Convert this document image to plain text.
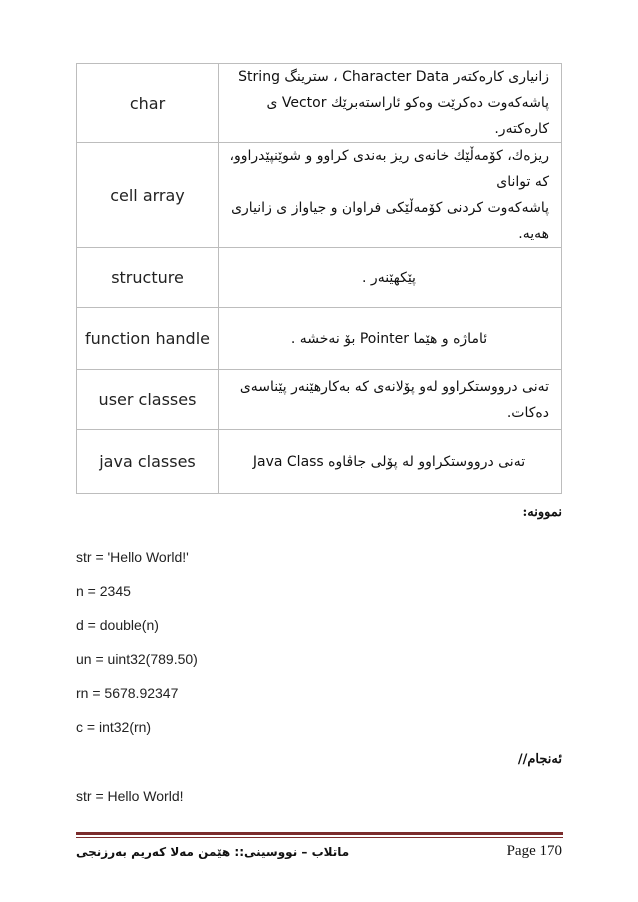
char	زانیاری کارەکتەر Character Data ، سترینگ String
پاشەکەوت دەکرێت وەکو ئاراستەبرێك Vector ی کارەکتەر.

cell array	ریزەك، کۆمەڵێك خانەی ریز بەندی کراوو و شوێنپێدراوو، کە توانای
پاشەکەوت کردنی کۆمەڵێکی فراوان و جیاواز ی زانیاری هەیە.

structure	پێکهێنەر .

function handle	ئاماژە و هێما Pointer بۆ نەخشە .

user classes	تەنی درووستکراوو لەو پۆلانەی کە بەکارهێنەر پێناسەی دەکات.

java classes	تەنی درووستکراوو لە پۆلی جاڤاوە Java Class
نموونە:
str = 'Hello World!'
n = 2345
d = double(n)
un = uint32(789.50)
rn = 5678.92347
c = int32(rn)
ئەنجام//
str = Hello World!
ماتلاب – نووسینی:: هێمن مەلا کەریم بەرزنجی	Page 170
